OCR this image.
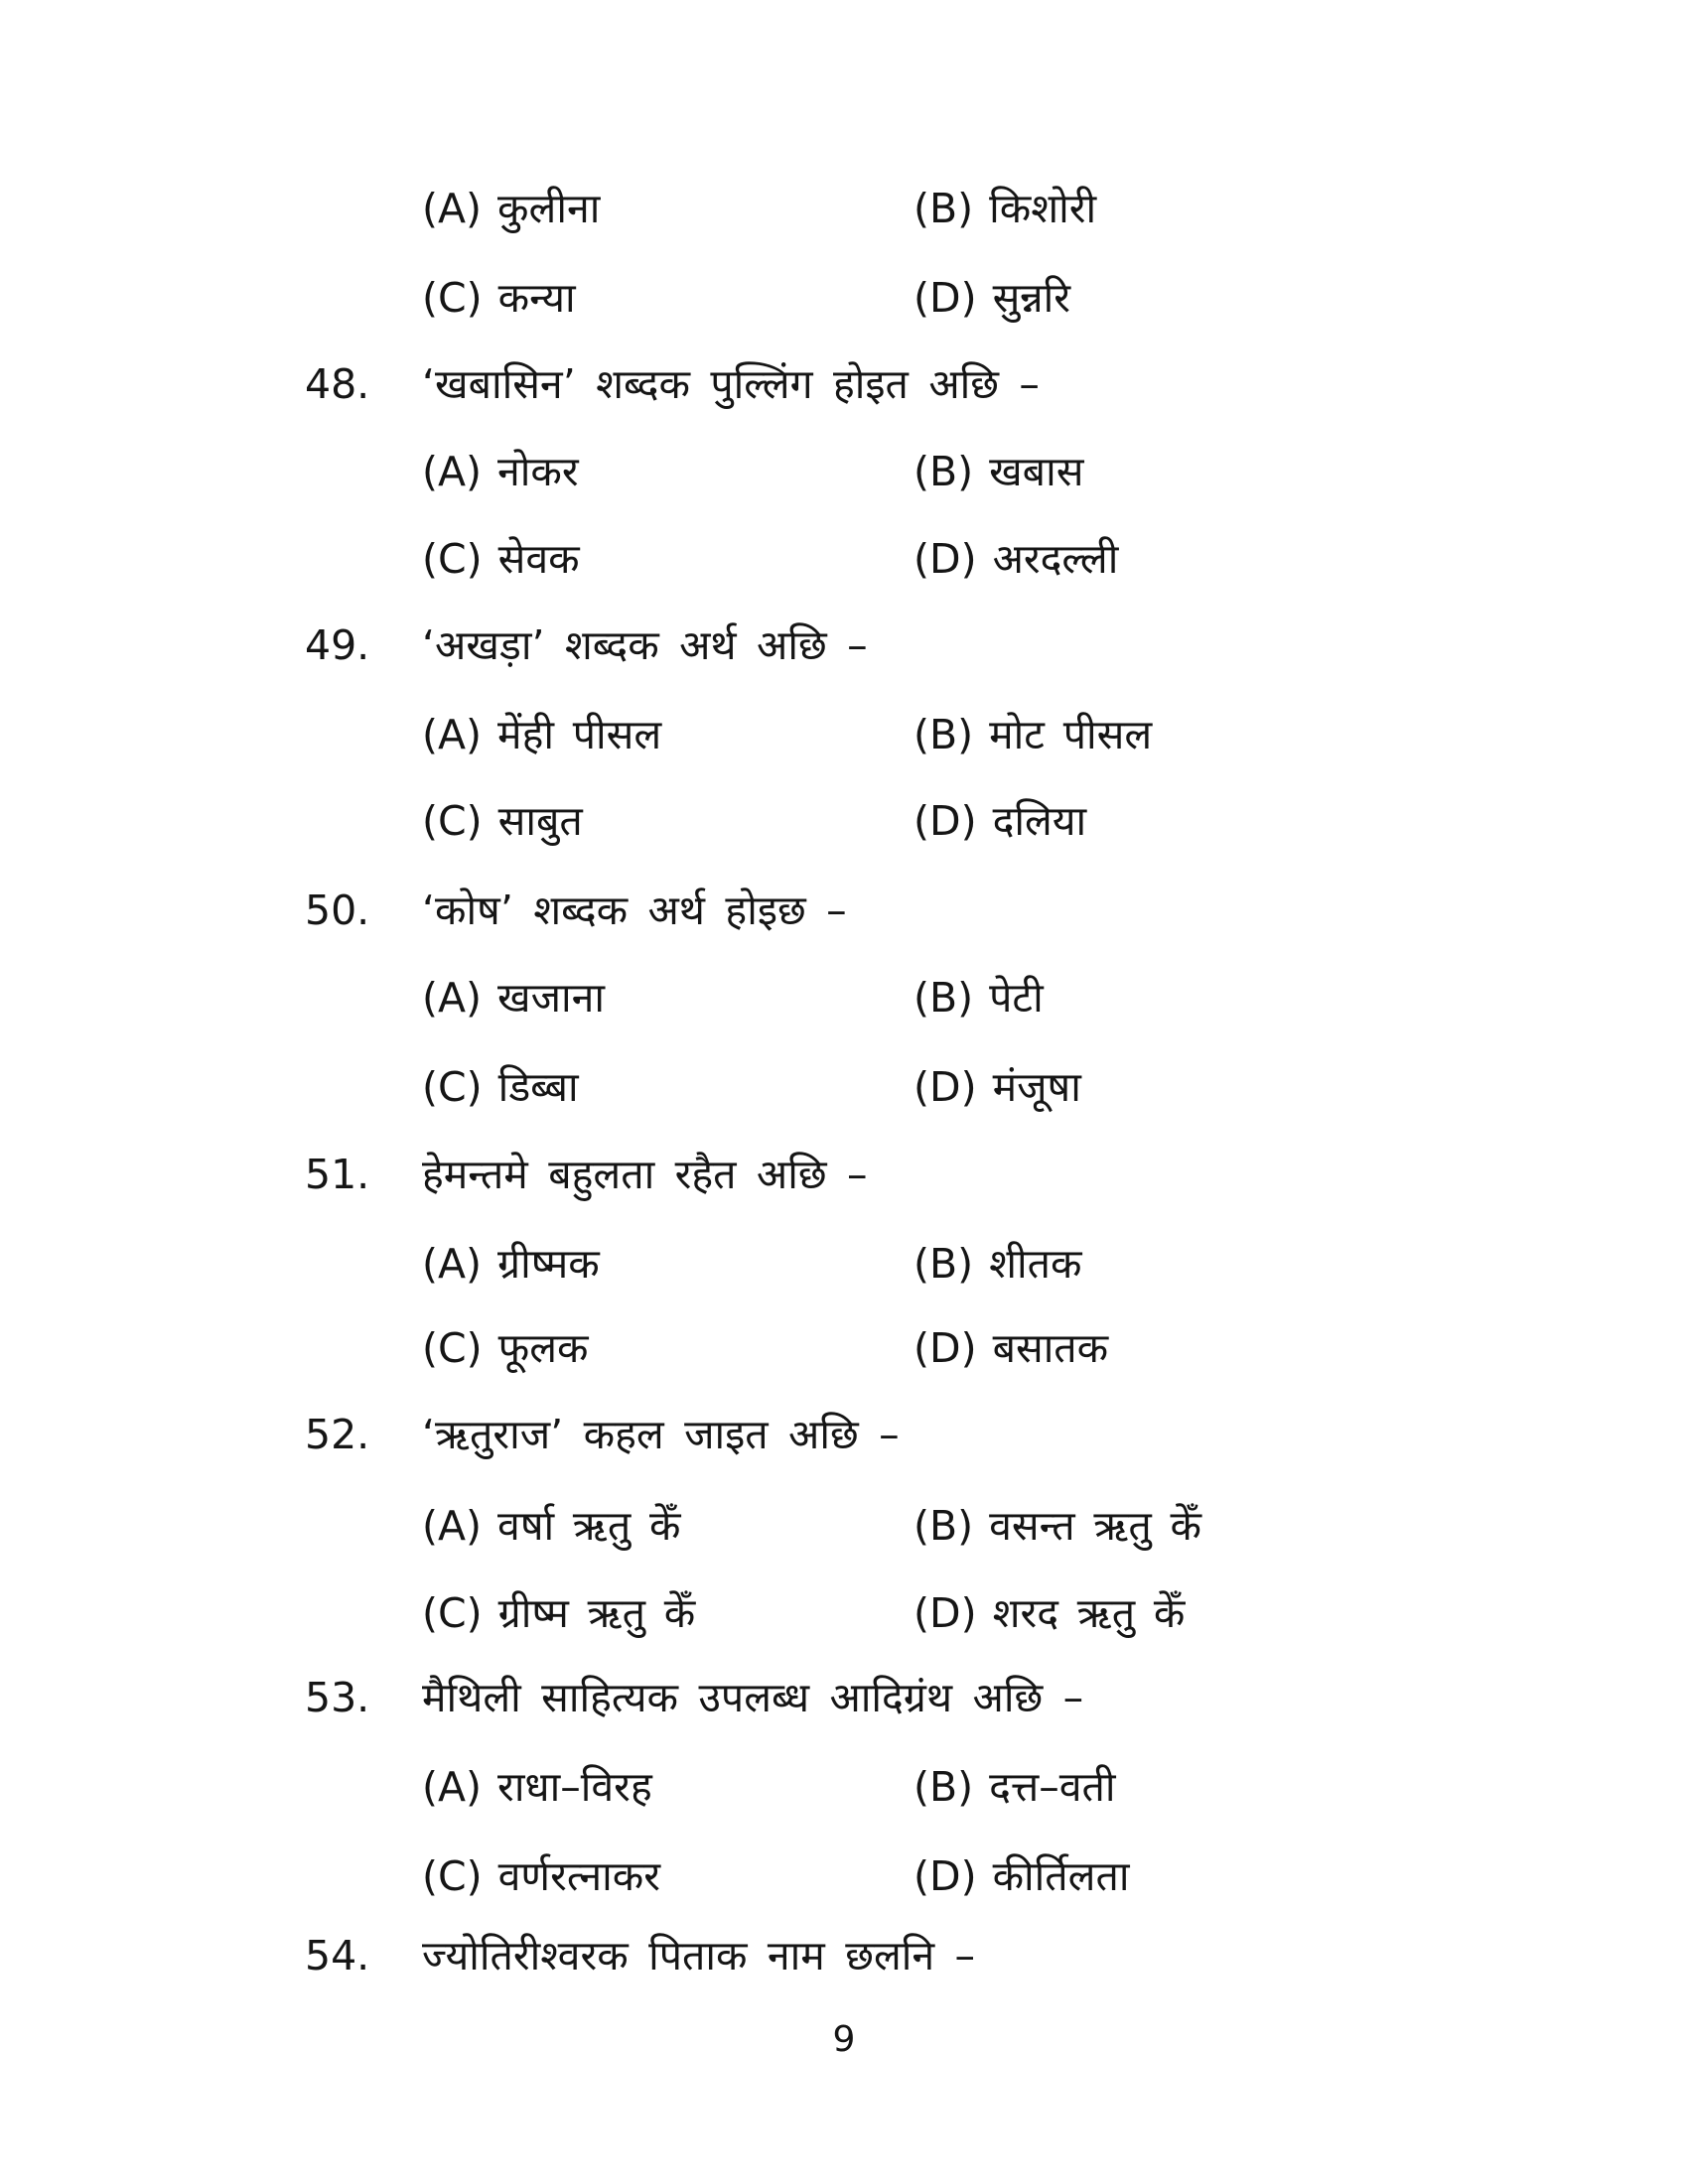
(A) कुलीना	(B) किशोरी
(C) कन्या	(D) सुन्नरि
48. ‘खबासिन’ शब्दक पुल्लिंग होइत अछि –
(A) नोकर	(B) खबास
(C) सेवक	(D) अरदल्ली
49. ‘अखड़ा’ शब्दक अर्थ अछि –
(A) मेंही पीसल	(B) मोट पीसल
(C) साबुत	(D) दलिया
50. ‘कोष’ शब्दक अर्थ होइछ –
(A) खजाना	(B) पेटी
(C) डिब्बा	(D) मंजूषा
51. हेमन्तमे बहुलता रहैत अछि –
(A) ग्रीष्मक	(B) शीतक
(C) फूलक	(D) बसातक
52. ‘ऋतुराज’ कहल जाइत अछि –
(A) वर्षा ऋतु केँ	(B) वसन्त ऋतु केँ
(C) ग्रीष्म ऋतु केँ	(D) शरद ऋतु केँ
53. मैथिली साहित्यक उपलब्ध आदिग्रंथ अछि –
(A) राधा–विरह	(B) दत्त–वती
(C) वर्णरत्नाकर	(D) कीर्तिलता
54. ज्योतिरीश्वरक पिताक नाम छलनि –
9
